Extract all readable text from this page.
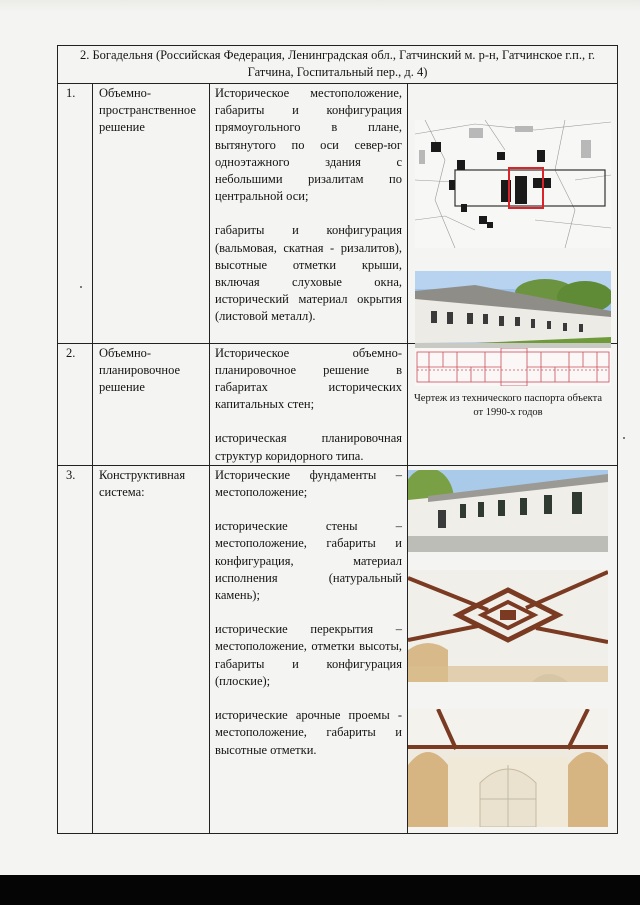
2. Богадельня (Российская Федерация, Ленинградская обл., Гатчинский м. р-н, Гатчинское г.п., г. Гатчина, Госпитальный пер., д. 4)			
1.	Объемно-пространственное решение	Историческое местоположение, габариты и конфигурация прямоугольного в плане, вытянутого по оси север-юг одноэтажного здания с небольшими ризалитам по центральной оси;

габариты и конфигурация (вальмовая, скатная - ризалитов), высотные отметки крыши, включая слуховые окна, исторический материал окрытия (листовой металл).

2.	Объемно-планировочное решение	Историческое объемно-планировочное решение в габаритах исторических капитальных стен;

историческая планировочная структур коридорного типа.	Чертеж из технического паспорта объекта от 1990-х годов

3.	Конструктивная система:	Исторические фундаменты – местоположение;

исторические стены – местоположение, габариты и конфигурация, материал исполнения (натуральный камень);

исторические перекрытия – местоположение, отметки высоты, габариты и конфигурация (плоские);

исторические арочные проемы - местоположение, габариты и высотные отметки.
